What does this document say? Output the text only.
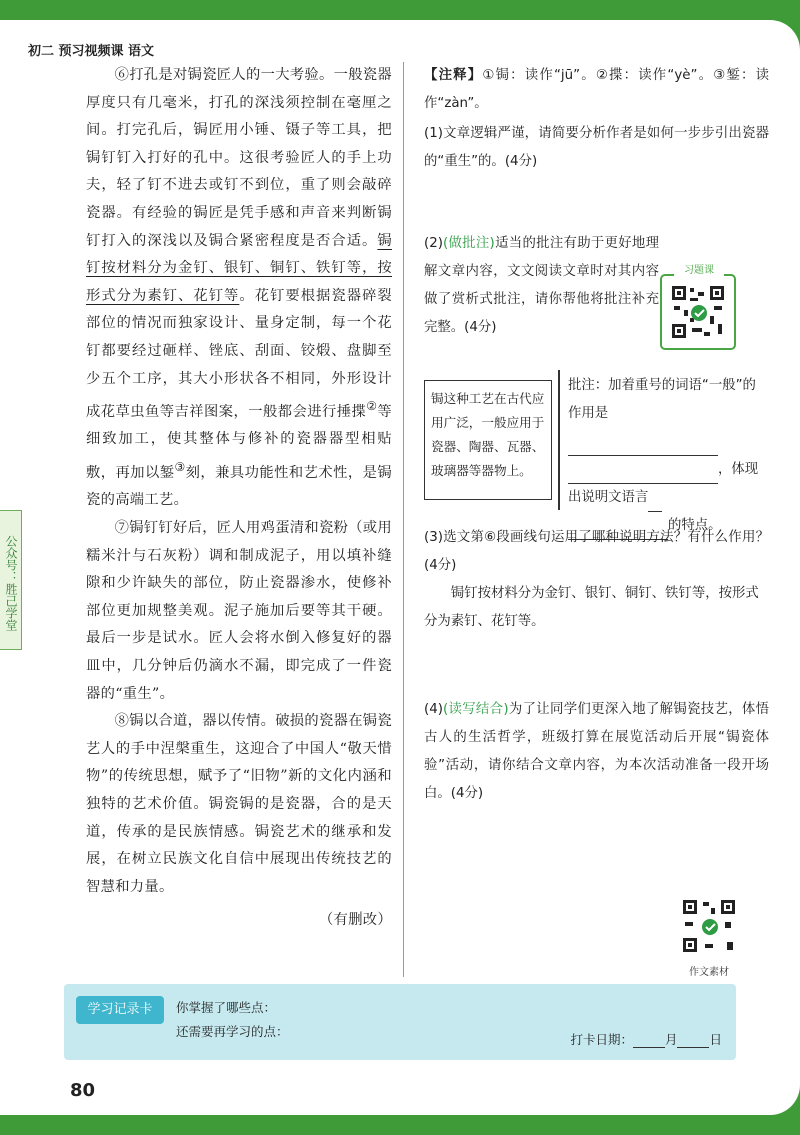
初二 预习视频课 语文
公众号：胜己学堂

⑥打孔是对锔瓷匠人的一大考验。一般瓷器厚度只有几毫米，打孔的深浅须控制在毫厘之间。打完孔后，锔匠用小锤、镊子等工具，把锔钉钉入打好的孔中。这很考验匠人的手上功夫，轻了钉不进去或钉不到位，重了则会敲碎瓷器。有经验的锔匠是凭手感和声音来判断锔钉打入的深浅以及锔合紧密程度是否合适。锔钉按材料分为金钉、银钉、铜钉、铁钉等，按形式分为素钉、花钉等。花钉要根据瓷器碎裂部位的情况而独家设计、量身定制，每一个花钉都要经过砸样、锉底、刮面、铰煅、盘脚至少五个工序，其大小形状各不相同，外形设计成花草虫鱼等吉祥图案，一般都会进行捶揲②等细致加工，使其整体与修补的瓷器器型相贴敷，再加以錾③刻，兼具功能性和艺术性，是锔瓷的高端工艺。

⑦锔钉钉好后，匠人用鸡蛋清和瓷粉（或用糯米汁与石灰粉）调和制成泥子，用以填补缝隙和少许缺失的部位，防止瓷器渗水，使修补部位更加规整美观。泥子施加后要等其干硬。最后一步是试水。匠人会将水倒入修复好的器皿中，几分钟后仍滴水不漏，即完成了一件瓷器的“重生”。

⑧锔以合道，器以传情。破损的瓷器在锔瓷艺人的手中涅槃重生，这迎合了中国人“敬天惜物”的传统思想，赋予了“旧物”新的文化内涵和独特的艺术价值。锔瓷锔的是瓷器，合的是天道，传承的是民族情感。锔瓷艺术的继承和发展，在树立民族文化自信中展现出传统技艺的智慧和力量。

（有删改）

【注释】①锔：读作“jū”。②揲：读作“yè”。③錾：读作“zàn”。
(1)文章逻辑严谨，请简要分析作者是如何一步步引出瓷器的“重生”的。(4分)
(2)(做批注)适当的批注有助于更好地理解文章内容，文文阅读文章时对其内容做了赏析式批注，请你帮他将批注补充完整。(4分)
习题课
锔这种工艺在古代应用广泛，一般应用于瓷器、陶器、瓦器、玻璃器等器物上。
批注：加着重号的词语“一般”的作用是
，体现出说明文语言
的特点。
(3)选文第⑥段画线句运用了哪种说明方法？有什么作用？(4分)
锔钉按材料分为金钉、银钉、铜钉、铁钉等，按形式分为素钉、花钉等。
(4)(读写结合)为了让同学们更深入地了解锔瓷技艺，体悟古人的生活哲学，班级打算在展览活动后开展“锔瓷体验”活动，请你结合文章内容，为本次活动准备一段开场白。(4分)
作文素材
学习记录卡	你掌握了哪些点：
还需要再学习的点：
打卡日期：	月	日
80
